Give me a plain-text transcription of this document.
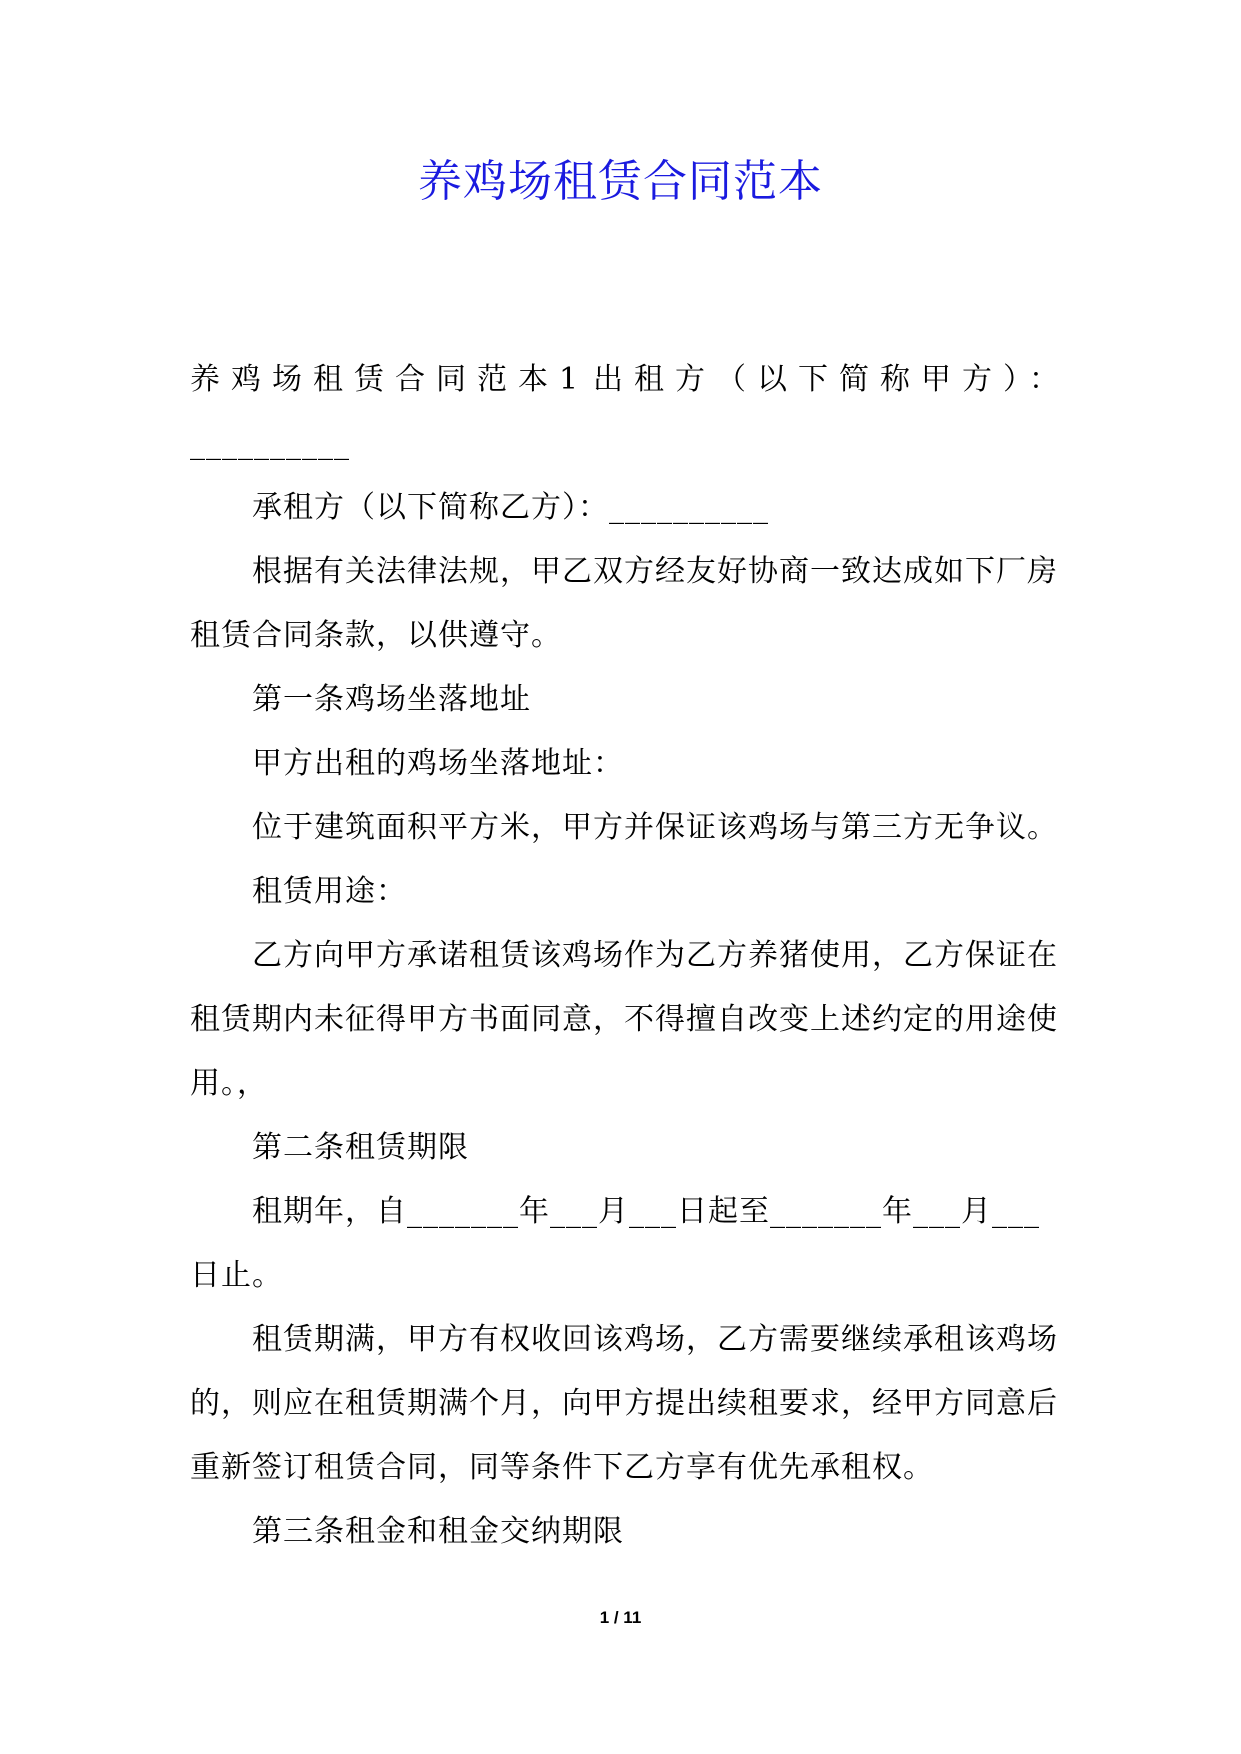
养鸡场租赁合同范本
养鸡场租赁合同范本1 出租方（以下简称甲方）：
__________

承租方（以下简称乙方）：__________

根据有关法律法规，甲乙双方经友好协商一致达成如下厂房租赁合同条款，以供遵守。

第一条鸡场坐落地址

甲方出租的鸡场坐落地址：

位于建筑面积平方米，甲方并保证该鸡场与第三方无争议。

租赁用途：

乙方向甲方承诺租赁该鸡场作为乙方养猪使用，乙方保证在租赁期内未征得甲方书面同意，不得擅自改变上述约定的用途使用。，

第二条租赁期限

租期年，自_______年___月___日起至_______年___月___日止。

租赁期满，甲方有权收回该鸡场，乙方需要继续承租该鸡场的，则应在租赁期满个月，向甲方提出续租要求，经甲方同意后重新签订租赁合同，同等条件下乙方享有优先承租权。

第三条租金和租金交纳期限

1 / 11
